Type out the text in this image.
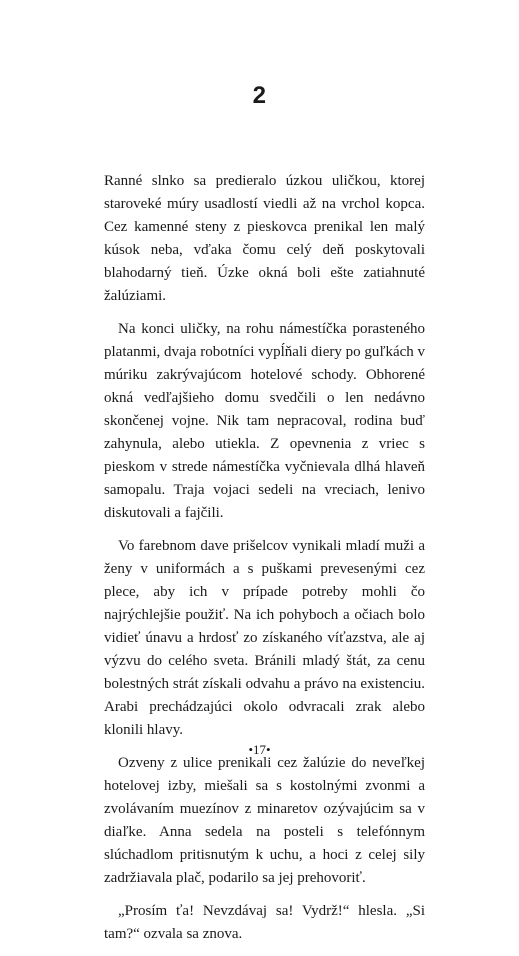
2

Ranné slnko sa predieralo úzkou uličkou, ktorej staroveké múry usadlostí viedli až na vrchol kopca. Cez kamenné steny z pieskovca prenikal len malý kúsok neba, vďaka čomu celý deň poskytovali blahodarný tieň. Úzke okná boli ešte zatiahnuté žalúziami.

Na konci uličky, na rohu námestíčka porasteného platanmi, dvaja robotníci vypĺňali diery po guľkách v múriku zakrývajúcom hotelové schody. Obhorené okná vedľajšieho domu svedčili o len nedávno skončenej vojne. Nik tam nepracoval, rodina buď zahynula, alebo utiekla. Z opevnenia z vriec s pieskom v strede námestíčka vyčnievala dlhá hlaveň samopalu. Traja vojaci sedeli na vreciach, lenivo diskutovali a fajčili.

Vo farebnom dave prišelcov vynikali mladí muži a ženy v uniformách a s puškami prevesenými cez plece, aby ich v prípade potreby mohli čo najrýchlejšie použiť. Na ich pohyboch a očiach bolo vidieť únavu a hrdosť zo získaného víťazstva, ale aj výzvu do celého sveta. Bránili mladý štát, za cenu bolestných strát získali odvahu a právo na existenciu. Arabi prechádzajúci okolo odvracali zrak alebo klonili hlavy.

Ozveny z ulice prenikali cez žalúzie do neveľkej hotelovej izby, miešali sa s kostolnými zvonmi a zvolávaním muezínov z minaretov ozývajúcim sa v diaľke. Anna sedela na posteli s telefónnym slúchadlom pritisnutým k uchu, a hoci z celej sily zadržiavala plač, podarilo sa jej prehovoriť.

„Prosím ťa! Nevzdávaj sa! Vydrž!“ hlesla. „Si tam?“ ozvala sa znova.

•17•
